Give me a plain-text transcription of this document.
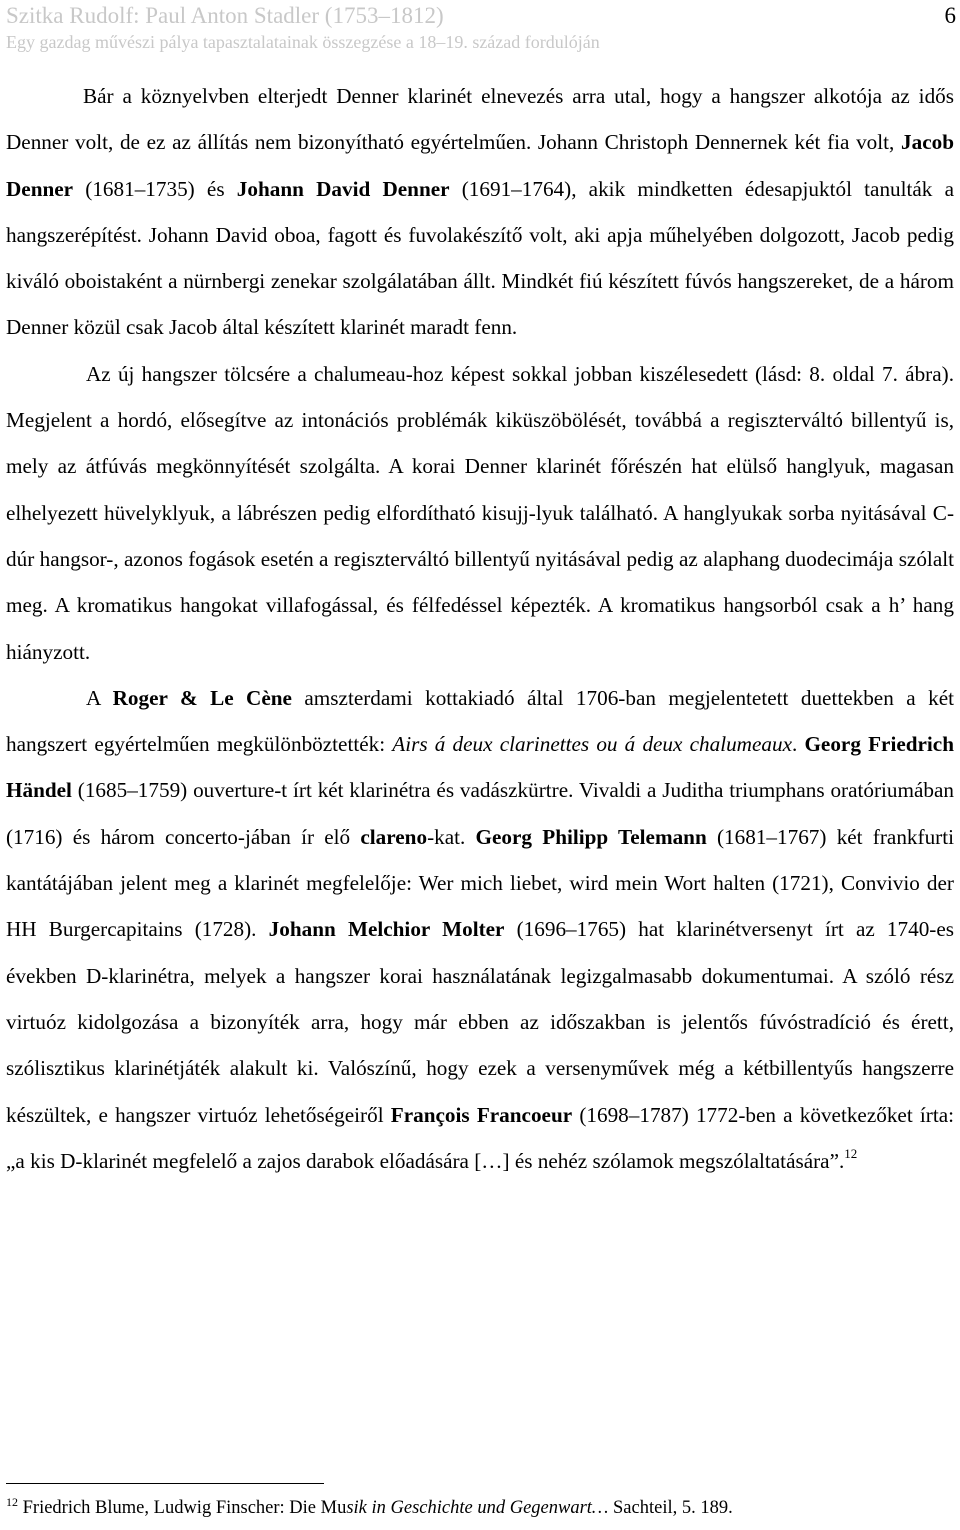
Szitka Rudolf: Paul Anton Stadler (1753–1812)
Egy gazdag művészi pálya tapasztalatainak összegzése a 18–19. század fordulóján
6

Bár a köznyelvben elterjedt Denner klarinét elnevezés arra utal, hogy a hangszer alkotója az idős Denner volt, de ez az állítás nem bizonyítható egyértelműen. Johann Christoph Dennernek két fia volt, Jacob Denner (1681–1735) és Johann David Denner (1691–1764), akik mindketten édesapjuktól tanulták a hangszerépítést. Johann David oboa, fagott és fuvolakészítő volt, aki apja műhelyében dolgozott, Jacob pedig kiváló oboistaként a nürnbergi zenekar szolgálatában állt. Mindkét fiú készített fúvós hangszereket, de a három Denner közül csak Jacob által készített klarinét maradt fenn.

Az új hangszer tölcsére a chalumeau-hoz képest sokkal jobban kiszélesedett (lásd: 8. oldal 7. ábra). Megjelent a hordó, elősegítve az intonációs problémák kiküszöbölését, továbbá a regiszterváltó billentyű is, mely az átfúvás megkönnyítését szolgálta. A korai Denner klarinét főrészén hat elülső hanglyuk, magasan elhelyezett hüvelyklyuk, a lábrészen pedig elfordítható kisujj-lyuk található. A hanglyukak sorba nyitásával C-dúr hangsor-, azonos fogások esetén a regiszterváltó billentyű nyitásával pedig az alaphang duodecimája szólalt meg. A kromatikus hangokat villafogással, és félfedéssel képezték. A kromatikus hangsorból csak a h’ hang hiányzott.

A Roger & Le Cène amszterdami kottakiadó által 1706-ban megjelentetett duettekben a két hangszert egyértelműen megkülönböztették: Airs á deux clarinettes ou á deux chalumeaux. Georg Friedrich Händel (1685–1759) ouverture-t írt két klarinétra és vadászkürtre. Vivaldi a Juditha triumphans oratóriumában (1716) és három concerto-jában ír elő clareno-kat. Georg Philipp Telemann (1681–1767) két frankfurti kantátájában jelent meg a klarinét megfelelője: Wer mich liebet, wird mein Wort halten (1721), Convivio der HH Burgercapitains (1728). Johann Melchior Molter (1696–1765) hat klarinétversenyt írt az 1740-es években D-klarinétra, melyek a hangszer korai használatának legizgalmasabb dokumentumai. A szóló rész virtuóz kidolgozása a bizonyíték arra, hogy már ebben az időszakban is jelentős fúvóstradíció és érett, szólisztikus klarinétjáték alakult ki. Valószínű, hogy ezek a versenyművek még a kétbillentyűs hangszerre készültek, e hangszer virtuóz lehetőségeiről François Francoeur (1698–1787) 1772-ben a következőket írta: „a kis D-klarinét megfelelő a zajos darabok előadására […] és nehéz szólamok megszólaltatására”.$^{12}$

$^{12}$ Friedrich Blume, Ludwig Finscher: Die Musik in Geschichte und Gegenwart… Sachteil, 5. 189.
